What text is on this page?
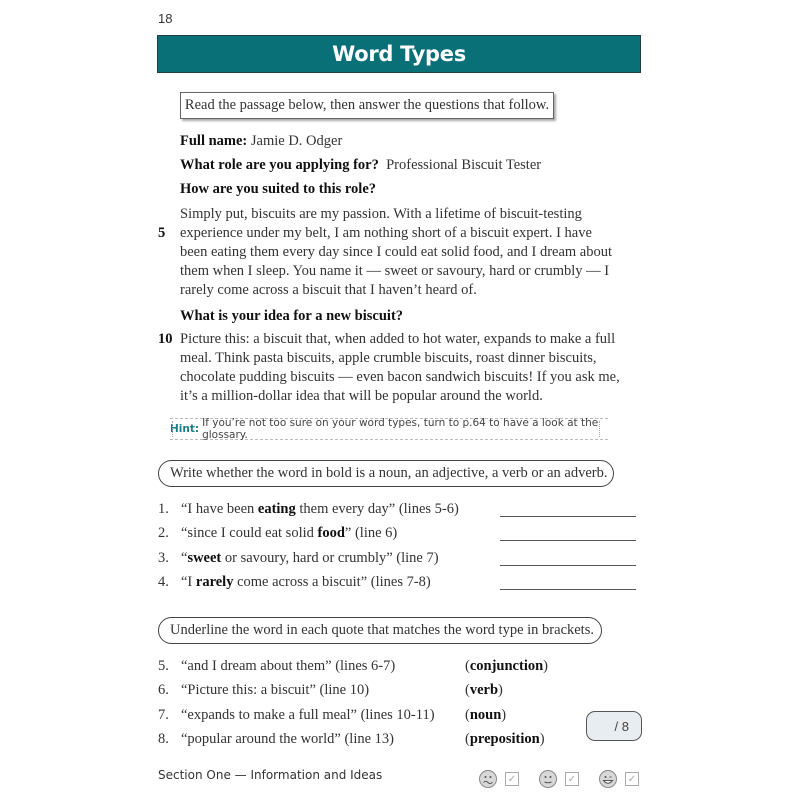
18
Word Types
Read the passage below, then answer the questions that follow.
Full name: Jamie D. Odger
What role are you applying for? Professional Biscuit Tester
How are you suited to this role?
Simply put, biscuits are my passion. With a lifetime of biscuit-testing
5 experience under my belt, I am nothing short of a biscuit expert. I have
been eating them every day since I could eat solid food, and I dream about
them when I sleep. You name it — sweet or savoury, hard or crumbly — I
rarely come across a biscuit that I haven’t heard of.
What is your idea for a new biscuit?
10 Picture this: a biscuit that, when added to hot water, expands to make a full
meal. Think pasta biscuits, apple crumble biscuits, roast dinner biscuits,
chocolate pudding biscuits — even bacon sandwich biscuits! If you ask me,
it’s a million-dollar idea that will be popular around the world.
Hint: If you’re not too sure on your word types, turn to p.64 to have a look at the glossary.
Write whether the word in bold is a noun, an adjective, a verb or an adverb.
1. “I have been eating them every day” (lines 5-6)
2. “since I could eat solid food” (line 6)
3. “sweet or savoury, hard or crumbly” (line 7)
4. “I rarely come across a biscuit” (lines 7-8)
Underline the word in each quote that matches the word type in brackets.
5. “and I dream about them” (lines 6-7)	(conjunction)
6. “Picture this: a biscuit” (line 10)	(verb)
7. “expands to make a full meal” (lines 10-11) (noun)
8. “popular around the world” (line 13)	(preposition)
/ 8
Section One — Information and Ideas	✓	✓	✓
